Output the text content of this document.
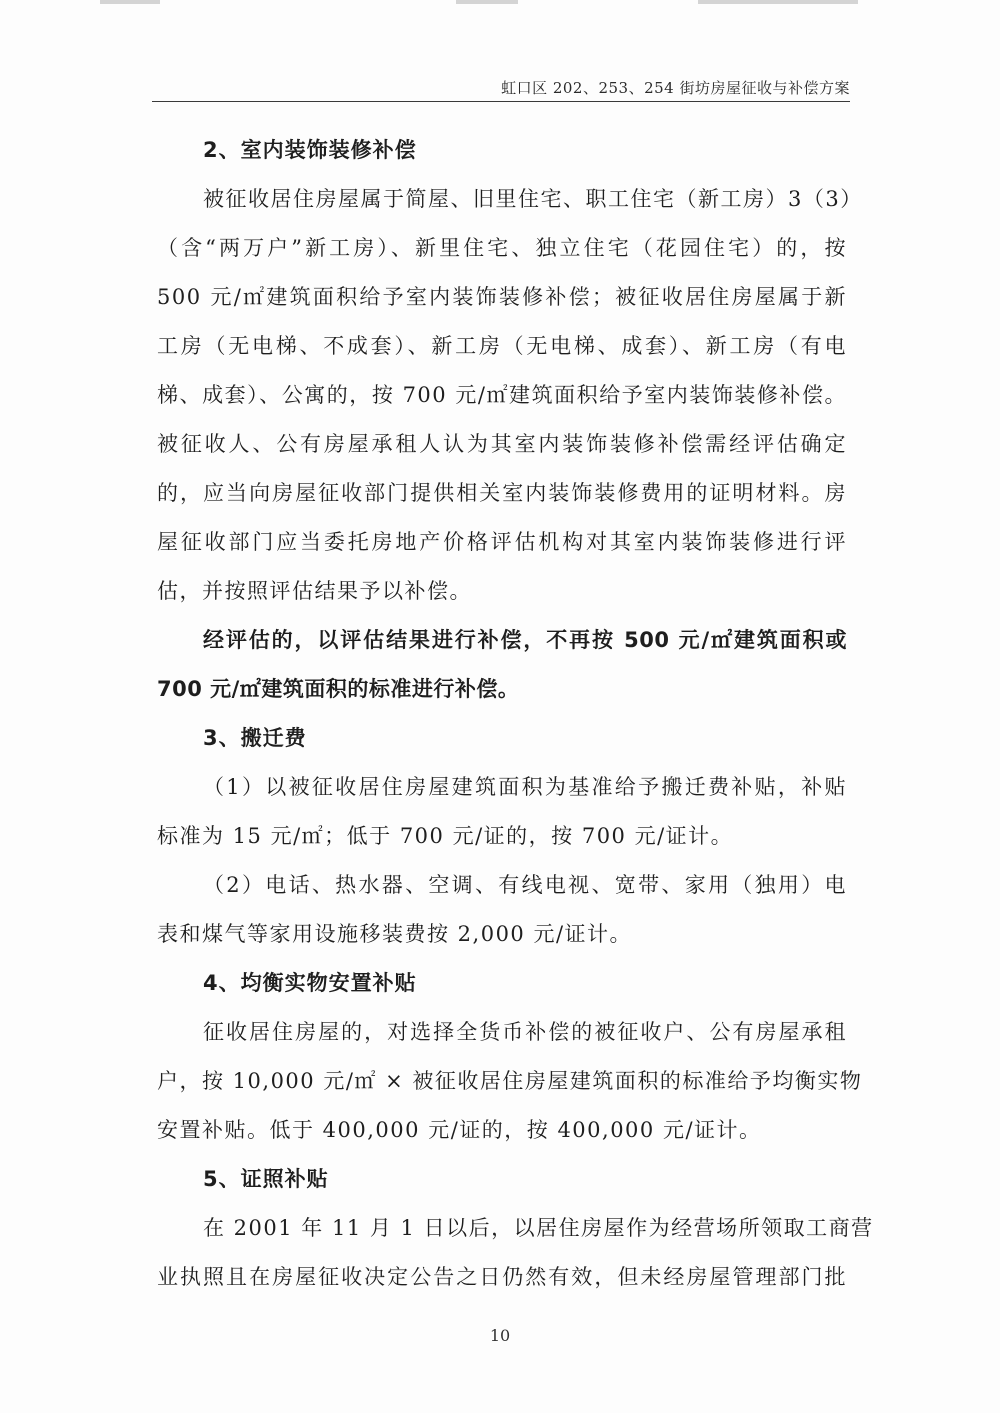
虹口区 202、253、254 街坊房屋征收与补偿方案
2、室内装饰装修补偿
被征收居住房屋属于简屋、旧里住宅、职工住宅（新工房）3（3）
（含“两万户”新工房）、新里住宅、独立住宅（花园住宅）的，按
500 元/㎡建筑面积给予室内装饰装修补偿；被征收居住房屋属于新
工房（无电梯、不成套）、新工房（无电梯、成套）、新工房（有电
梯、成套）、公寓的，按 700 元/㎡建筑面积给予室内装饰装修补偿。
被征收人、公有房屋承租人认为其室内装饰装修补偿需经评估确定
的，应当向房屋征收部门提供相关室内装饰装修费用的证明材料。房
屋征收部门应当委托房地产价格评估机构对其室内装饰装修进行评
估，并按照评估结果予以补偿。
经评估的，以评估结果进行补偿，不再按 500 元/㎡建筑面积或
700 元/㎡建筑面积的标准进行补偿。
3、搬迁费
（1）以被征收居住房屋建筑面积为基准给予搬迁费补贴，补贴
标准为 15 元/㎡；低于 700 元/证的，按 700 元/证计。
（2）电话、热水器、空调、有线电视、宽带、家用（独用）电
表和煤气等家用设施移装费按 2,000 元/证计。
4、均衡实物安置补贴
征收居住房屋的，对选择全货币补偿的被征收户、公有房屋承租
户，按 10,000 元/㎡ × 被征收居住房屋建筑面积的标准给予均衡实物
安置补贴。低于 400,000 元/证的，按 400,000 元/证计。
5、证照补贴
在 2001 年 11 月 1 日以后，以居住房屋作为经营场所领取工商营
业执照且在房屋征收决定公告之日仍然有效，但未经房屋管理部门批
10
